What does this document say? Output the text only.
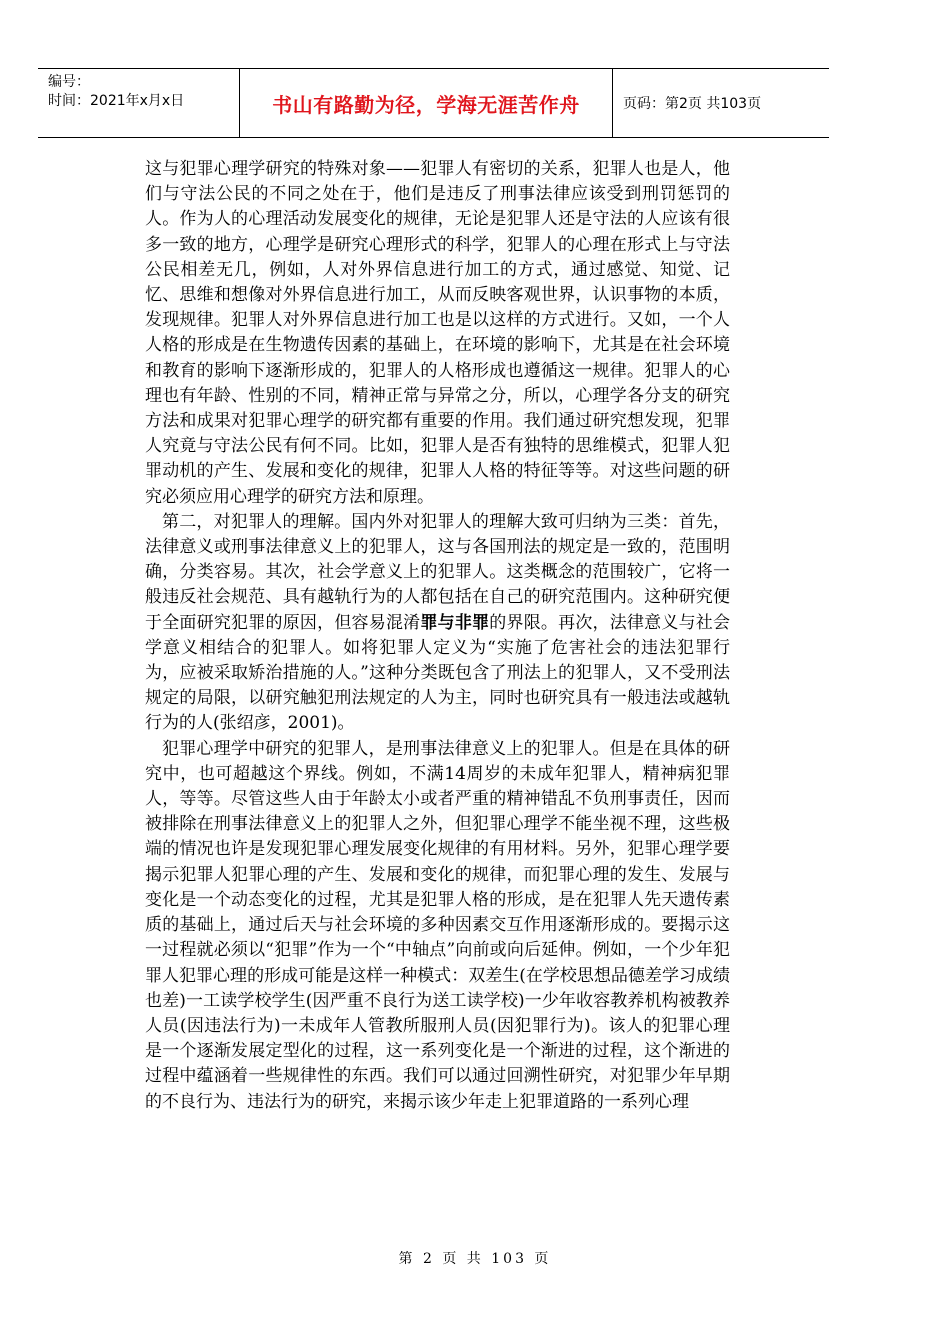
编号：
时间：2021年x月x日	书山有路勤为径，学海无涯苦作舟	页码：第2页 共103页

这与犯罪心理学研究的特殊对象——犯罪人有密切的关系，犯罪人也是人，他们与守法公民的不同之处在于，他们是违反了刑事法律应该受到刑罚惩罚的人。作为人的心理活动发展变化的规律，无论是犯罪人还是守法的人应该有很多一致的地方，心理学是研究心理形式的科学，犯罪人的心理在形式上与守法公民相差无几，例如，人对外界信息进行加工的方式，通过感觉、知觉、记忆、思维和想像对外界信息进行加工，从而反映客观世界，认识事物的本质，发现规律。犯罪人对外界信息进行加工也是以这样的方式进行。又如，一个人人格的形成是在生物遗传因素的基础上，在环境的影响下，尤其是在社会环境和教育的影响下逐渐形成的，犯罪人的人格形成也遵循这一规律。犯罪人的心理也有年龄、性别的不同，精神正常与异常之分，所以，心理学各分支的研究方法和成果对犯罪心理学的研究都有重要的作用。我们通过研究想发现，犯罪人究竟与守法公民有何不同。比如，犯罪人是否有独特的思维模式，犯罪人犯罪动机的产生、发展和变化的规律，犯罪人人格的特征等等。对这些问题的研究必须应用心理学的研究方法和原理。

第二，对犯罪人的理解。国内外对犯罪人的理解大致可归纳为三类：首先，法律意义或刑事法律意义上的犯罪人，这与各国刑法的规定是一致的，范围明确，分类容易。其次，社会学意义上的犯罪人。这类概念的范围较广，它将一般违反社会规范、具有越轨行为的人都包括在自己的研究范围内。这种研究便于全面研究犯罪的原因，但容易混淆罪与非罪的界限。再次，法律意义与社会学意义相结合的犯罪人。如将犯罪人定义为“实施了危害社会的违法犯罪行为，应被采取矫治措施的人。”这种分类既包含了刑法上的犯罪人，又不受刑法规定的局限，以研究触犯刑法规定的人为主，同时也研究具有一般违法或越轨行为的人(张绍彦，2001)。

犯罪心理学中研究的犯罪人，是刑事法律意义上的犯罪人。但是在具体的研究中，也可超越这个界线。例如，不满14周岁的未成年犯罪人，精神病犯罪人，等等。尽管这些人由于年龄太小或者严重的精神错乱不负刑事责任，因而被排除在刑事法律意义上的犯罪人之外，但犯罪心理学不能坐视不理，这些极端的情况也许是发现犯罪心理发展变化规律的有用材料。另外，犯罪心理学要揭示犯罪人犯罪心理的产生、发展和变化的规律，而犯罪心理的发生、发展与变化是一个动态变化的过程，尤其是犯罪人格的形成，是在犯罪人先天遗传素质的基础上，通过后天与社会环境的多种因素交互作用逐渐形成的。要揭示这一过程就必须以“犯罪”作为一个“中轴点”向前或向后延伸。例如，一个少年犯罪人犯罪心理的形成可能是这样一种模式：双差生(在学校思想品德差学习成绩也差)一工读学校学生(因严重不良行为送工读学校)一少年收容教养机构被教养人员(因违法行为)一未成年人管教所服刑人员(因犯罪行为)。该人的犯罪心理是一个逐渐发展定型化的过程，这一系列变化是一个渐进的过程，这个渐进的过程中蕴涵着一些规律性的东西。我们可以通过回溯性研究，对犯罪少年早期的不良行为、违法行为的研究，来揭示该少年走上犯罪道路的一系列心理

第 2 页 共 103 页
